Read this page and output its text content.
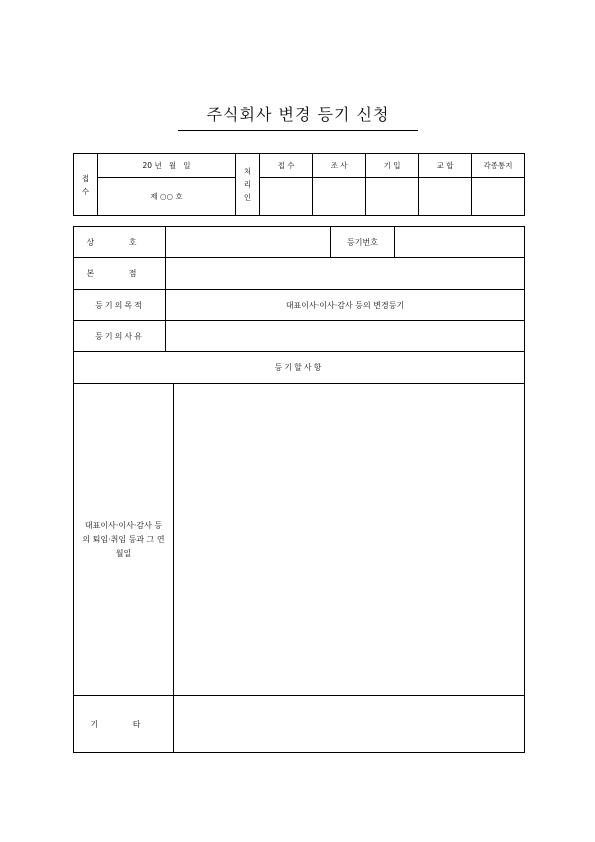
주식회사 변경 등기 신청
접수	20 년   월   일	처리인	접 수	조 사	기 입	교 합	각종통지
	제 ○○ 호						
상 호			등기번호	
본 점				
등기의목적	대표이사·이사·감사 등의 변경등기			
등기의사유				
등기할사항				

대표이사·이사·감사 등의 퇴임·취임 등과 그 연월일				

기 타				
